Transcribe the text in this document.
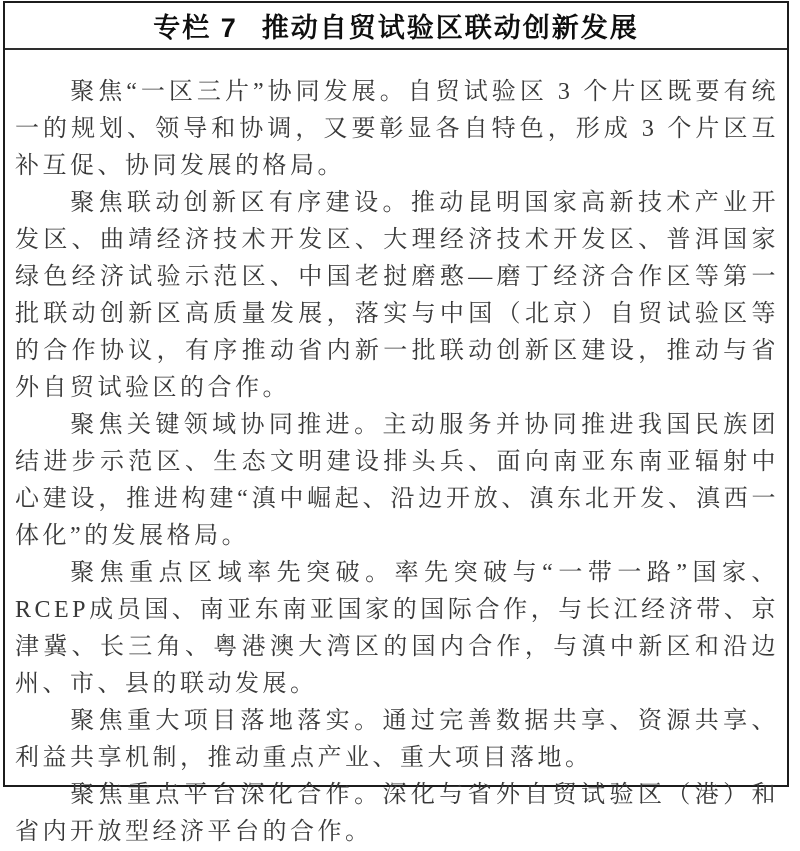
专栏 7 推动自贸试验区联动创新发展

聚焦“一区三片”协同发展。自贸试验区 3 个片区既要有统一的规划、领导和协调，又要彰显各自特色，形成 3 个片区互补互促、协同发展的格局。

聚焦联动创新区有序建设。推动昆明国家高新技术产业开发区、曲靖经济技术开发区、大理经济技术开发区、普洱国家绿色经济试验示范区、中国老挝磨憨—磨丁经济合作区等第一批联动创新区高质量发展，落实与中国（北京）自贸试验区等的合作协议，有序推动省内新一批联动创新区建设，推动与省外自贸试验区的合作。

聚焦关键领域协同推进。主动服务并协同推进我国民族团结进步示范区、生态文明建设排头兵、面向南亚东南亚辐射中心建设，推进构建“滇中崛起、沿边开放、滇东北开发、滇西一体化”的发展格局。

聚焦重点区域率先突破。率先突破与“一带一路”国家、RCEP成员国、南亚东南亚国家的国际合作，与长江经济带、京津冀、长三角、粤港澳大湾区的国内合作，与滇中新区和沿边州、市、县的联动发展。

聚焦重大项目落地落实。通过完善数据共享、资源共享、利益共享机制，推动重点产业、重大项目落地。

聚焦重点平台深化合作。深化与省外自贸试验区（港）和省内开放型经济平台的合作。
